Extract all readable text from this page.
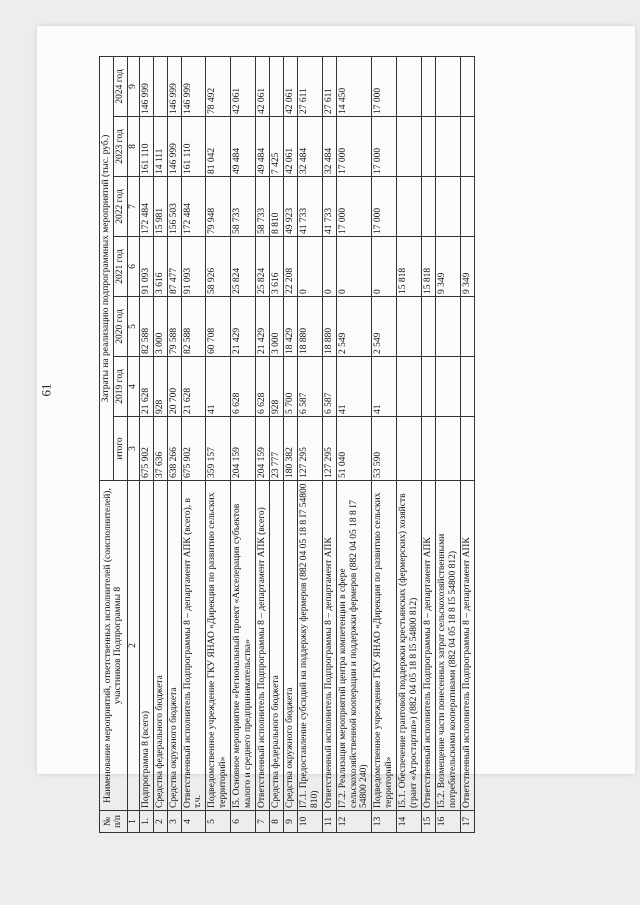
61
№ п/п	Наименование мероприятий, ответственных исполнителей (соисполнителей), участников Подпрограммы 8	Затраты на реализацию подпрограммных мероприятий (тыс. руб.)						
		итого	2019 год	2020 год	2021 год	2022 год	2023 год	2024 год
1	2	3	4	5	6	7	8	9
1.	Подпрограмма 8 (всего)	675 902	21 628	82 588	91 093	172 484	161 110	146 999
2	Средства федерального бюджета	37 636	928	3 000	3 616	15 981	14 111	
3	Средства окружного бюджета	638 266	20 700	79 588	87 477	156 503	146 999	146 999
4	Ответственный исполнитель Подпрограммы 8 – департамент АПК (всего), в т.ч.	675 902	21 628	82 588	91 093	172 484	161 110	146 999
5	Подведомственное учреждение ГКУ ЯНАО «Дирекция по развитию сельских территорий»	359 157	41	60 708	58 926	79 948	81 042	78 492
6	I5. Основное мероприятие «Региональный проект «Акселерация субъектов малого и среднего предпринимательства»	204 159	6 628	21 429	25 824	58 733	49 484	42 061
7	Ответственный исполнитель Подпрограммы 8 – департамент АПК (всего)	204 159	6 628	21 429	25 824	58 733	49 484	42 061
8	Средства федерального бюджета	23 777	928	3 000	3 616	8 810	7 425	
9	Средства окружного бюджета	180 382	5 700	18 429	22 208	49 923	42 061	42 061
10	I7.1. Предоставление субсидий на поддержку фермеров (882 04 05 18 8 I7 54800 810)	127 295	6 587	18 880	0	41 733	32 484	27 611
11	Ответственный исполнитель Подпрограммы 8 – департамент АПК	127 295	6 587	18 880	0	41 733	32 484	27 611
12	I7.2. Реализация мероприятий центра компетенции в сфере сельскохозяйственной кооперации и поддержки фермеров (882 04 05 18 8 I7 54800 240)	51 040	41	2 549	0	17 000	17 000	14 450
13	Подведомственное учреждение ГКУ ЯНАО «Дирекция по развитию сельских территорий»	53 590	41	2 549	0	17 000	17 000	17 000
14	I5.1. Обеспечение грантовой поддержки крестьянских (фермерских) хозяйств (грант «Агростартап») (882 04 05 18 8 I5 54800 812)				15 818			
15	Ответственный исполнитель Подпрограммы 8 – департамент АПК				15 818			
16	I5.2. Возмещение части понесенных затрат сельскохозяйственными потребительскими кооперативами (882 04 05 18 8 I5 54800 812)				9 349			
17	Ответственный исполнитель Подпрограммы 8 – департамент АПК				9 349			
